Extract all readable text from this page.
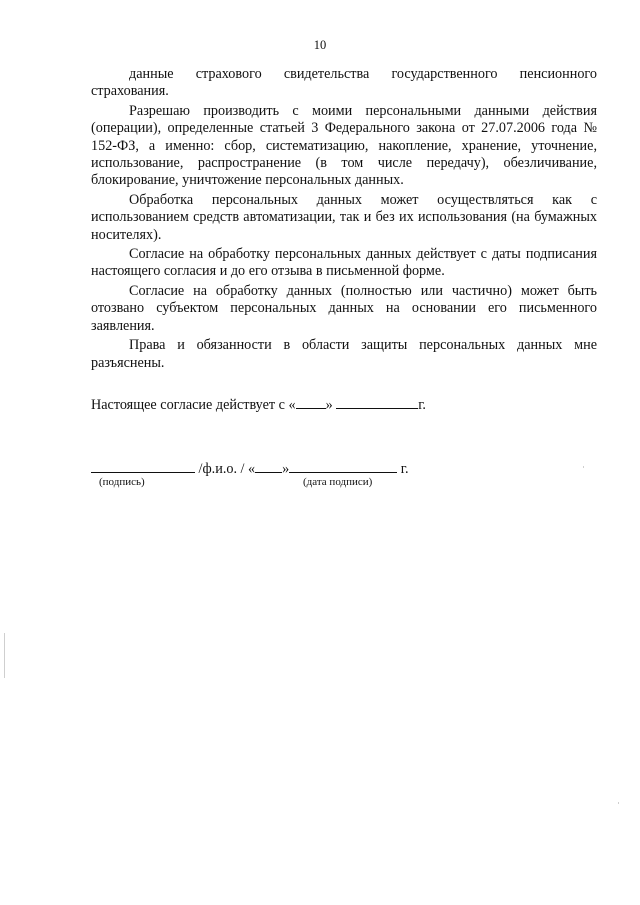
10

данные страхового свидетельства государственного пенсионного страхования.

Разрешаю производить с моими персональными данными действия (операции), определенные статьей 3 Федерального закона от 27.07.2006 года № 152-ФЗ, а именно: сбор, систематизацию, накопление, хранение, уточнение, использование, распространение (в том числе передачу), обезличивание, блокирование, уничтожение персональных данных.

Обработка персональных данных может осуществляться как с использованием средств автоматизации, так и без их использования (на бумажных носителях).

Согласие на обработку персональных данных действует с даты подписания настоящего согласия и до его отзыва в письменной форме.

Согласие на обработку данных (полностью или частично) может быть отозвано субъектом персональных данных на основании его письменного заявления.

Права и обязанности в области защиты персональных данных мне разъяснены.

Настоящее согласие действует с « »	г.
/ф.и.о. / « »	г.
(подпись)	(дата подписи)
